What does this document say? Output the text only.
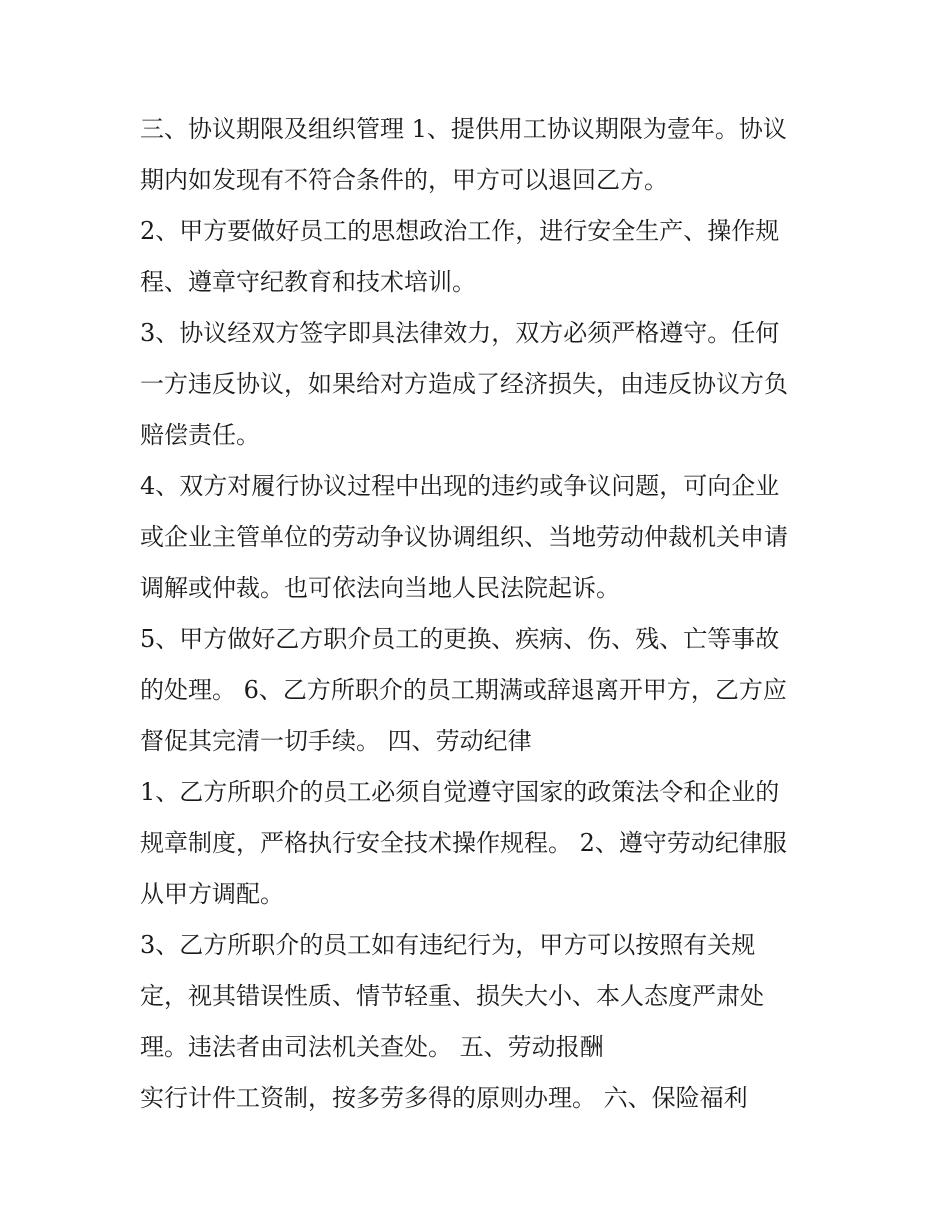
三、协议期限及组织管理 1、提供用工协议期限为壹年。协议
期内如发现有不符合条件的，甲方可以退回乙方。
2、甲方要做好员工的思想政治工作，进行安全生产、操作规
程、遵章守纪教育和技术培训。
3、协议经双方签字即具法律效力，双方必须严格遵守。任何
一方违反协议，如果给对方造成了经济损失，由违反协议方负
赔偿责任。
4、双方对履行协议过程中出现的违约或争议问题，可向企业
或企业主管单位的劳动争议协调组织、当地劳动仲裁机关申请
调解或仲裁。也可依法向当地人民法院起诉。
5、甲方做好乙方职介员工的更换、疾病、伤、残、亡等事故
的处理。 6、乙方所职介的员工期满或辞退离开甲方，乙方应
督促其完清一切手续。 四、劳动纪律
1、乙方所职介的员工必须自觉遵守国家的政策法令和企业的
规章制度，严格执行安全技术操作规程。 2、遵守劳动纪律服
从甲方调配。
3、乙方所职介的员工如有违纪行为，甲方可以按照有关规
定，视其错误性质、情节轻重、损失大小、本人态度严肃处
理。违法者由司法机关查处。 五、劳动报酬
实行计件工资制，按多劳多得的原则办理。 六、保险福利
